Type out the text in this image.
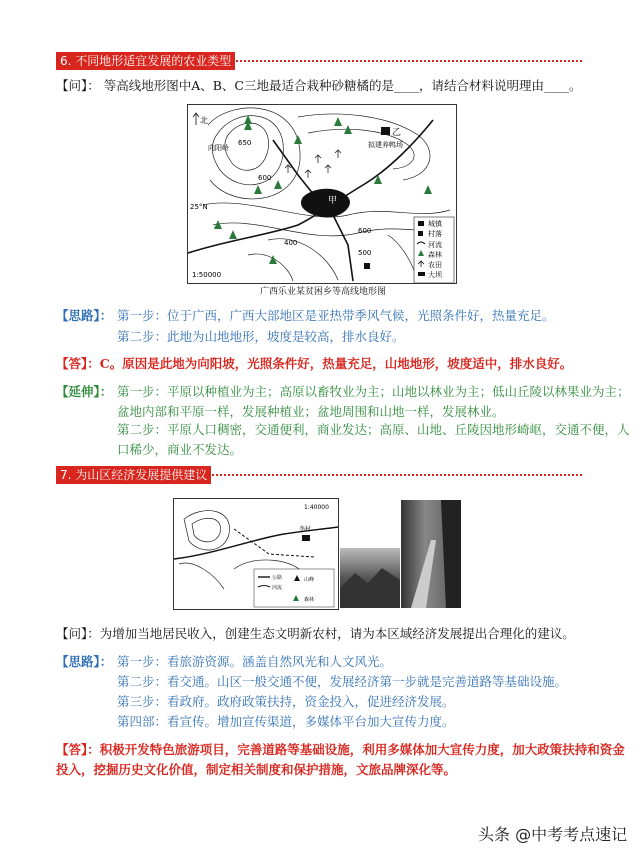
6. 不同地形适宜发展的农业类型
【问】： 等高线地形图中A、B、C三地最适合栽种砂糖橘的是____，请结合材料说明理由____。
乙
甲
北
向阳岭	拟建养鸭场
600
400
500
600
650
25°N
1:50000
城镇
村落
河流
森林
农田
大坝
广西乐业某贫困乡等高线地形图
【思路】： 第一步：位于广西，广西大部地区是亚热带季风气候，光照条件好，热量充足。
第二步：此地为山地地形，坡度是较高，排水良好。
【答】：C。原因是此地为向阳坡，光照条件好，热量充足，山地地形，坡度适中，排水良好。
【延伸】： 第一步：平原以种植业为主；高原以畜牧业为主；山地以林业为主；低山丘陵以林果业为主；
盆地内部和平原一样，发展种植业；盆地周围和山地一样，发展林业。
第二步：平原人口稠密，交通便利，商业发达；高原、山地、丘陵因地形崎岖，交通不便，人
口稀少，商业不发达。
7. 为山区经济发展提供建议
1:40000
李村
公路
河流
山峰
森林
【问】：为增加当地居民收入，创建生态文明新农村，请为本区域经济发展提出合理化的建议。
【思路】： 第一步：看旅游资源。涵盖自然风光和人文风光。
第二步：看交通。山区一般交通不便，发展经济第一步就是完善道路等基础设施。
第三步：看政府。政府政策扶持，资金投入，促进经济发展。
第四部：看宣传。增加宣传渠道，多媒体平台加大宣传力度。
【答】：积极开发特色旅游项目，完善道路等基础设施，利用多媒体加大宣传力度，加大政策扶持和资金
投入，挖掘历史文化价值，制定相关制度和保护措施，文旅品牌深化等。
头条 @中考考点速记
